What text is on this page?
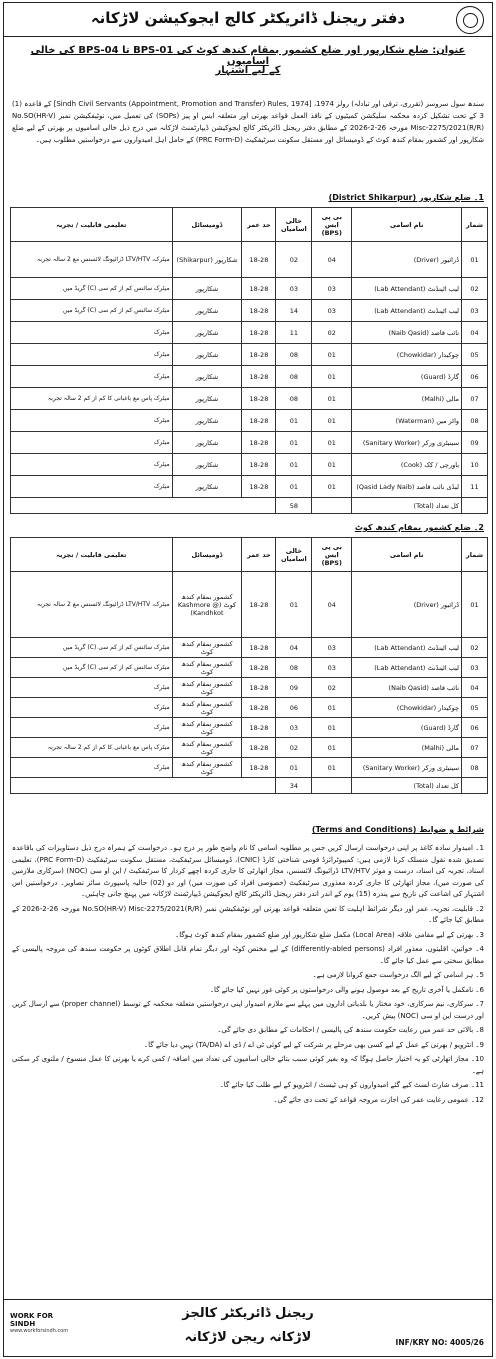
دفتر ریجنل ڈائریکٹر کالج ایجوکیشن لاڑکانہ
عنوان: ضلع شکارپور اور ضلع کشمور بمقام کندھ کوٹ کی BPS-01 تا BPS-04 کی خالی اسامیوں
کے لیے اشتہار
سندھ سول سروسز (تقرری، ترقی اور تبادلہ) رولز 1974، [Sindh Civil Servants (Appointment, Promotion and Transfer) Rules, 1974] کے قاعدہ (1) 3 کے تحت تشکیل کردہ محکمہ سلیکشن کمیٹیوں کے نافذ العمل قواعد بھرتی اور متعلقہ ایس او پیز (SOPs) کی تعمیل میں، نوٹیفکیشن نمبر No.SO(HR-V) Misc-2275/2021(R/R) مورخہ 26-2-2026 کے مطابق دفتر ریجنل ڈائریکٹر کالج ایجوکیشن ڈیپارٹمنٹ لاڑکانہ میں درج ذیل خالی اسامیوں پر بھرتی کے لیے ضلع شکارپور اور کشمور بمقام کندھ کوٹ کے ڈومیسائل اور مستقل سکونت سرٹیفکیٹ (PRC Form-D) کے حامل اہل امیدواروں سے درخواستیں مطلوب ہیں۔
1۔ ضلع شکارپور (District Shikarpur)
شمار	نام اسامی	بی پی ایس (BPS)	خالی اسامیاں	حد عمر	ڈومیسائل	تعلیمی قابلیت / تجربہ
01	ڈرائیور (Driver)	04	02	18-28	شکارپور (Shikarpur)	میٹرک، LTV/HTV ڈرائیونگ لائسنس مع 2 سالہ تجربہ
02	لیب اٹینڈنٹ (Lab Attendant)	03	03	18-28	شکارپور	میٹرک سائنس کم از کم سی (C) گریڈ میں
03	لیب اٹینڈنٹ (Lab Attendant)	03	14	18-28	شکارپور	میٹرک سائنس کم از کم سی (C) گریڈ میں
04	نائب قاصد (Naib Qasid)	02	11	18-28	شکارپور	میٹرک
05	چوکیدار (Chowkidar)	01	08	18-28	شکارپور	میٹرک
06	گارڈ (Guard)	01	08	18-28	شکارپور	میٹرک
07	مالی (Malhi)	01	08	18-28	شکارپور	میٹرک پاس مع باغبانی کا کم از کم 2 سالہ تجربہ
08	واٹر مین (Waterman)	01	01	18-28	شکارپور	میٹرک
09	سینیٹری ورکر (Sanitary Worker)	01	01	18-28	شکارپور	میٹرک
10	باورچی / کک (Cook)	01	01	18-28	شکارپور	میٹرک
11	لیڈی نائب قاصد (Qasid Lady Naib)	01	01	18-28	شکارپور	میٹرک
	کل تعداد (Total)		58			
2۔ ضلع کشمور بمقام کندھ کوٹ
شمار	نام اسامی	بی پی ایس (BPS)	خالی اسامیاں	حد عمر	ڈومیسائل	تعلیمی قابلیت / تجربہ
01	ڈرائیور (Driver)	04	01	18-28	کشمور بمقام کندھ کوٹ (Kashmore @ Kandhkot)	میٹرک، LTV/HTV ڈرائیونگ لائسنس مع 2 سالہ تجربہ
02	لیب اٹینڈنٹ (Lab Attendant)	03	04	18-28	کشمور بمقام کندھ کوٹ	میٹرک سائنس کم از کم سی (C) گریڈ میں
03	لیب اٹینڈنٹ (Lab Attendant)	03	08	18-28	کشمور بمقام کندھ کوٹ	میٹرک سائنس کم از کم سی (C) گریڈ میں
04	نائب قاصد (Naib Qasid)	02	09	18-28	کشمور بمقام کندھ کوٹ	میٹرک
05	چوکیدار (Chowkidar)	01	06	18-28	کشمور بمقام کندھ کوٹ	میٹرک
06	گارڈ (Guard)	01	03	18-28	کشمور بمقام کندھ کوٹ	میٹرک
07	مالی (Malhi)	01	02	18-28	کشمور بمقام کندھ کوٹ	میٹرک پاس مع باغبانی کا کم از کم 2 سالہ تجربہ
08	سینیٹری ورکر (Sanitary Worker)	01	01	18-28	کشمور بمقام کندھ کوٹ	میٹرک
	کل تعداد (Total)		34			
شرائط و ضوابط (Terms and Conditions)

1۔ امیدوار سادہ کاغذ پر اپنی درخواست ارسال کریں جس پر مطلوبہ اسامی کا نام واضح طور پر درج ہو۔ درخواست کے ہمراہ درج ذیل دستاویزات کی باقاعدہ تصدیق شدہ نقول منسلک کرنا لازمی ہیں: کمپیوٹرائزڈ قومی شناختی کارڈ (CNIC)، ڈومیسائل سرٹیفکیٹ، مستقل سکونت سرٹیفکیٹ (PRC Form-D)، تعلیمی اسناد، تجربہ کی اسناد، درست و موثر LTV/HTV ڈرائیونگ لائسنس، مجاز اتھارٹی کا جاری کردہ اچھے کردار کا سرٹیفکیٹ / این او سی (NOC) (سرکاری ملازمین کی صورت میں)، مجاز اتھارٹی کا جاری کردہ معذوری سرٹیفکیٹ (خصوصی افراد کی صورت میں) اور دو (02) حالیہ پاسپورٹ سائز تصاویر۔ درخواستیں اس اشتہار کی اشاعت کی تاریخ سے پندرہ (15) یوم کے اندر اندر دفتر ریجنل ڈائریکٹر کالج ایجوکیشن ڈیپارٹمنٹ لاڑکانہ میں پہنچ جانی چاہئیں۔

2۔ قابلیت، تجربہ، عمر اور دیگر شرائط اہلیت کا تعین متعلقہ قواعد بھرتی اور نوٹیفکیشن نمبر No.SO(HR-V) Misc-2275/2021(R/R) مورخہ 26-2-2026 کے مطابق کیا جائے گا۔

3۔ بھرتی کے لیے مقامی علاقہ (Local Area) مکمل ضلع شکارپور اور ضلع کشمور بمقام کندھ کوٹ ہوگا۔

4۔ خواتین، اقلیتوں، معذور افراد (differently-abled persons) کے لیے مختص کوٹہ اور دیگر تمام قابل اطلاق کوٹوں پر حکومت سندھ کی مروجہ پالیسی کے مطابق سختی سے عمل کیا جائے گا۔

5۔ ہر اسامی کے لیے الگ درخواست جمع کروانا لازمی ہے۔

6۔ نامکمل یا آخری تاریخ کے بعد موصول ہونے والی درخواستوں پر کوئی غور نہیں کیا جائے گا۔

7۔ سرکاری، نیم سرکاری، خود مختار یا بلدیاتی اداروں میں پہلے سے ملازم امیدوار اپنی درخواستیں متعلقہ محکمہ کے توسط (proper channel) سے ارسال کریں اور درست این او سی (NOC) پیش کریں۔

8۔ بالائی حد عمر میں رعایت حکومت سندھ کی پالیسی / احکامات کے مطابق دی جائے گی۔

9۔ انٹرویو / بھرتی کے عمل کے لیے کسی بھی مرحلے پر شرکت کے لیے کوئی ٹی اے / ڈی اے (TA/DA) نہیں دیا جائے گا۔

10۔ مجاز اتھارٹی کو یہ اختیار حاصل ہوگا کہ وہ بغیر کوئی سبب بتائے خالی اسامیوں کی تعداد میں اضافہ / کمی کرے یا بھرتی کا عمل منسوخ / ملتوی کر سکتی ہے۔

11۔ صرف شارٹ لسٹ کیے گئے امیدواروں کو ہی ٹیسٹ / انٹرویو کے لیے طلب کیا جائے گا۔

12۔ عمومی رعایت عمر کی اجازت مروجہ قواعد کے تحت دی جائے گی۔

WORK FOR SINDH
www.workforsindh.com
ریجنل ڈائریکٹر کالجز
لاڑکانہ ریجن لاڑکانہ	INF/KRY NO: 4005/26
